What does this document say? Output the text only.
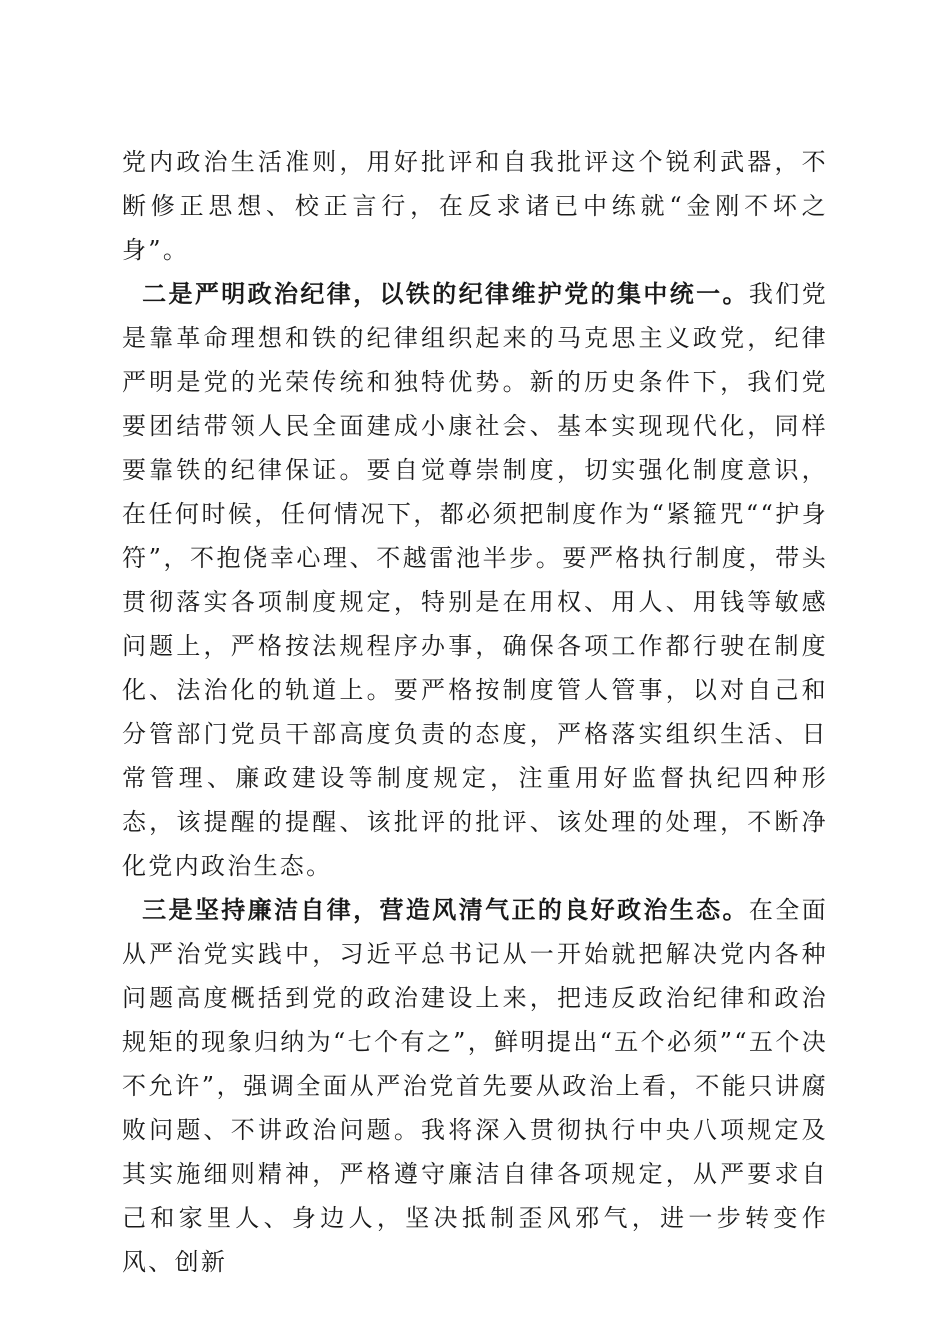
党内政治生活准则，用好批评和自我批评这个锐利武器，不断修正思想、校正言行，在反求诸已中练就“金刚不坏之身”。

二是严明政治纪律，以铁的纪律维护党的集中统一。我们党是靠革命理想和铁的纪律组织起来的马克思主义政党，纪律严明是党的光荣传统和独特优势。新的历史条件下，我们党要团结带领人民全面建成小康社会、基本实现现代化，同样要靠铁的纪律保证。要自觉尊崇制度，切实强化制度意识，在任何时候，任何情况下，都必须把制度作为“紧箍咒““护身符”，不抱侥幸心理、不越雷池半步。要严格执行制度，带头贯彻落实各项制度规定，特别是在用权、用人、用钱等敏感问题上，严格按法规程序办事，确保各项工作都行驶在制度化、法治化的轨道上。要严格按制度管人管事，以对自己和分管部门党员干部高度负责的态度，严格落实组织生活、日常管理、廉政建设等制度规定，注重用好监督执纪四种形态，该提醒的提醒、该批评的批评、该处理的处理，不断净化党内政治生态。

三是坚持廉洁自律，营造风清气正的良好政治生态。在全面从严治党实践中，习近平总书记从一开始就把解决党内各种问题高度概括到党的政治建设上来，把违反政治纪律和政治规矩的现象归纳为“七个有之”，鲜明提出“五个必须”“五个决不允许”，强调全面从严治党首先要从政治上看，不能只讲腐败问题、不讲政治问题。我将深入贯彻执行中央八项规定及其实施细则精神，严格遵守廉洁自律各项规定，从严要求自己和家里人、身边人，坚决抵制歪风邪气，进一步转变作风、创新
